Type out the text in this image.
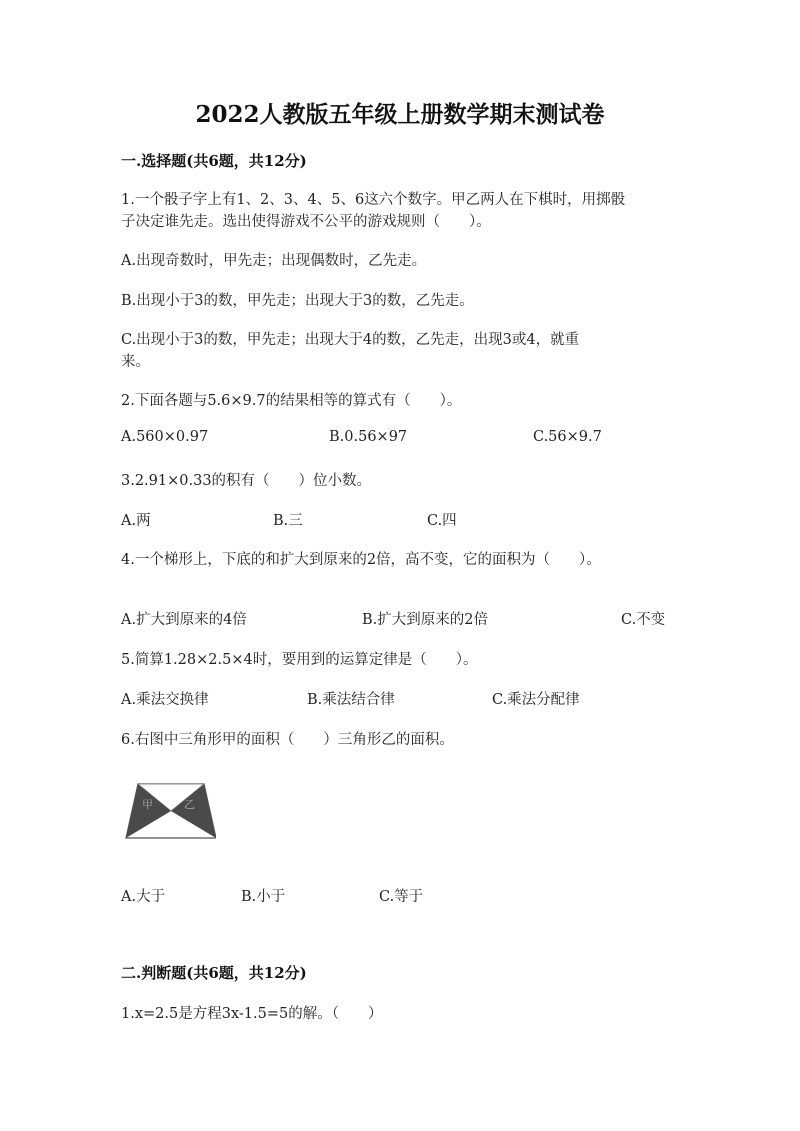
2022人教版五年级上册数学期末测试卷
一.选择题(共6题，共12分)
1.一个骰子字上有1、2、3、4、5、6这六个数字。甲乙两人在下棋时，用掷骰
子决定谁先走。选出使得游戏不公平的游戏规则（　　）。
A.出现奇数时，甲先走；出现偶数时，乙先走。
B.出现小于3的数，甲先走；出现大于3的数，乙先走。
C.出现小于3的数，甲先走；出现大于4的数，乙先走，出现3或4，就重
来。
2.下面各题与5.6×9.7的结果相等的算式有（　　）。
A.560×0.97	B.0.56×97	C.56×9.7
3.2.91×0.33的积有（　　）位小数。
A.两	B.三	C.四
4.一个梯形上，下底的和扩大到原来的2倍，高不变，它的面积为（　　）。
A.扩大到原来的4倍	B.扩大到原来的2倍	C.不变
5.简算1.28×2.5×4时，要用到的运算定律是（　　）。
A.乘法交换律	B.乘法结合律	C.乘法分配律
6.右图中三角形甲的面积（　　）三角形乙的面积。
甲	乙
A.大于	B.小于	C.等于
二.判断题(共6题，共12分)
1.x=2.5是方程3x-1.5=5的解。（　　）
